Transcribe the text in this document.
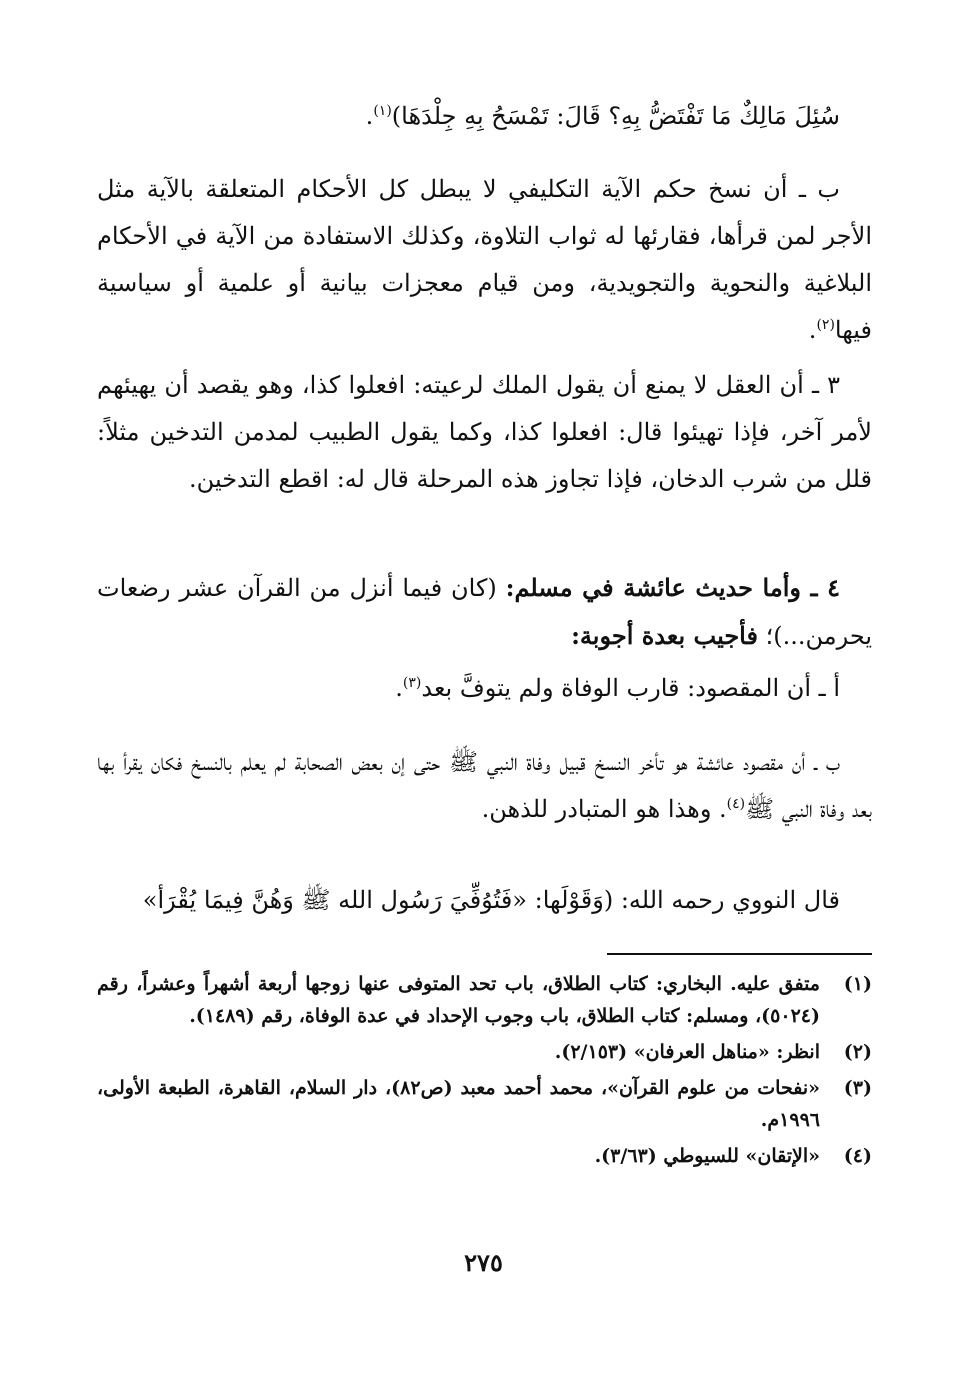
سُئِلَ مَالِكٌ مَا تَفْتَضُّ بِهِ؟ قَالَ: تَمْسَحُ بِهِ جِلْدَهَا)$^{(١)}$.

ب ـ أن نسخ حكم الآية التكليفي لا يبطل كل الأحكام المتعلقة بالآية مثل الأجر لمن قرأها، فقارئها له ثواب التلاوة، وكذلك الاستفادة من الآية في الأحكام البلاغية والنحوية والتجويدية، ومن قيام معجزات بيانية أو علمية أو سياسية فيها$^{(٢)}$.

٣ ـ أن العقل لا يمنع أن يقول الملك لرعيته: افعلوا كذا، وهو يقصد أن يهيئهم لأمر آخر، فإذا تهيئوا قال: افعلوا كذا، وكما يقول الطبيب لمدمن التدخين مثلاً: قلل من شرب الدخان، فإذا تجاوز هذه المرحلة قال له: اقطع التدخين.

٤ ـ وأما حديث عائشة في مسلم: (كان فيما أنزل من القرآن عشر رضعات يحرمن...)؛ فأجيب بعدة أجوبة:

أ ـ أن المقصود: قارب الوفاة ولم يتوفَّ بعد$^{(٣)}$.

ب ـ أن مقصود عائشة هو تأخر النسخ قبيل وفاة النبي ﷺ حتى إن بعض الصحابة لم يعلم بالنسخ فكان يقرأ بها بعد وفاة النبي ﷺ$^{(٤)}$. وهذا هو المتبادر للذهن.

قال النووي رحمه الله: (وَقَوْلَها: «فَتُوُفِّيَ رَسُول الله ﷺ وَهُنَّ فِيمَا يُقْرَأ»

(١)
متفق عليه. البخاري: كتاب الطلاق، باب تحد المتوفى عنها زوجها أربعة أشهراً وعشراً، رقم (٥٠٢٤)، ومسلم: كتاب الطلاق، باب وجوب الإحداد في عدة الوفاة، رقم (١٤٨٩).
(٢)
انظر: «مناهل العرفان» (٢/١٥٣).
(٣)
«نفحات من علوم القرآن»، محمد أحمد معبد (ص٨٢)، دار السلام، القاهرة، الطبعة الأولى، ١٩٩٦م.
(٤)
«الإتقان» للسيوطي (٣/٦٣).
٢٧٥
